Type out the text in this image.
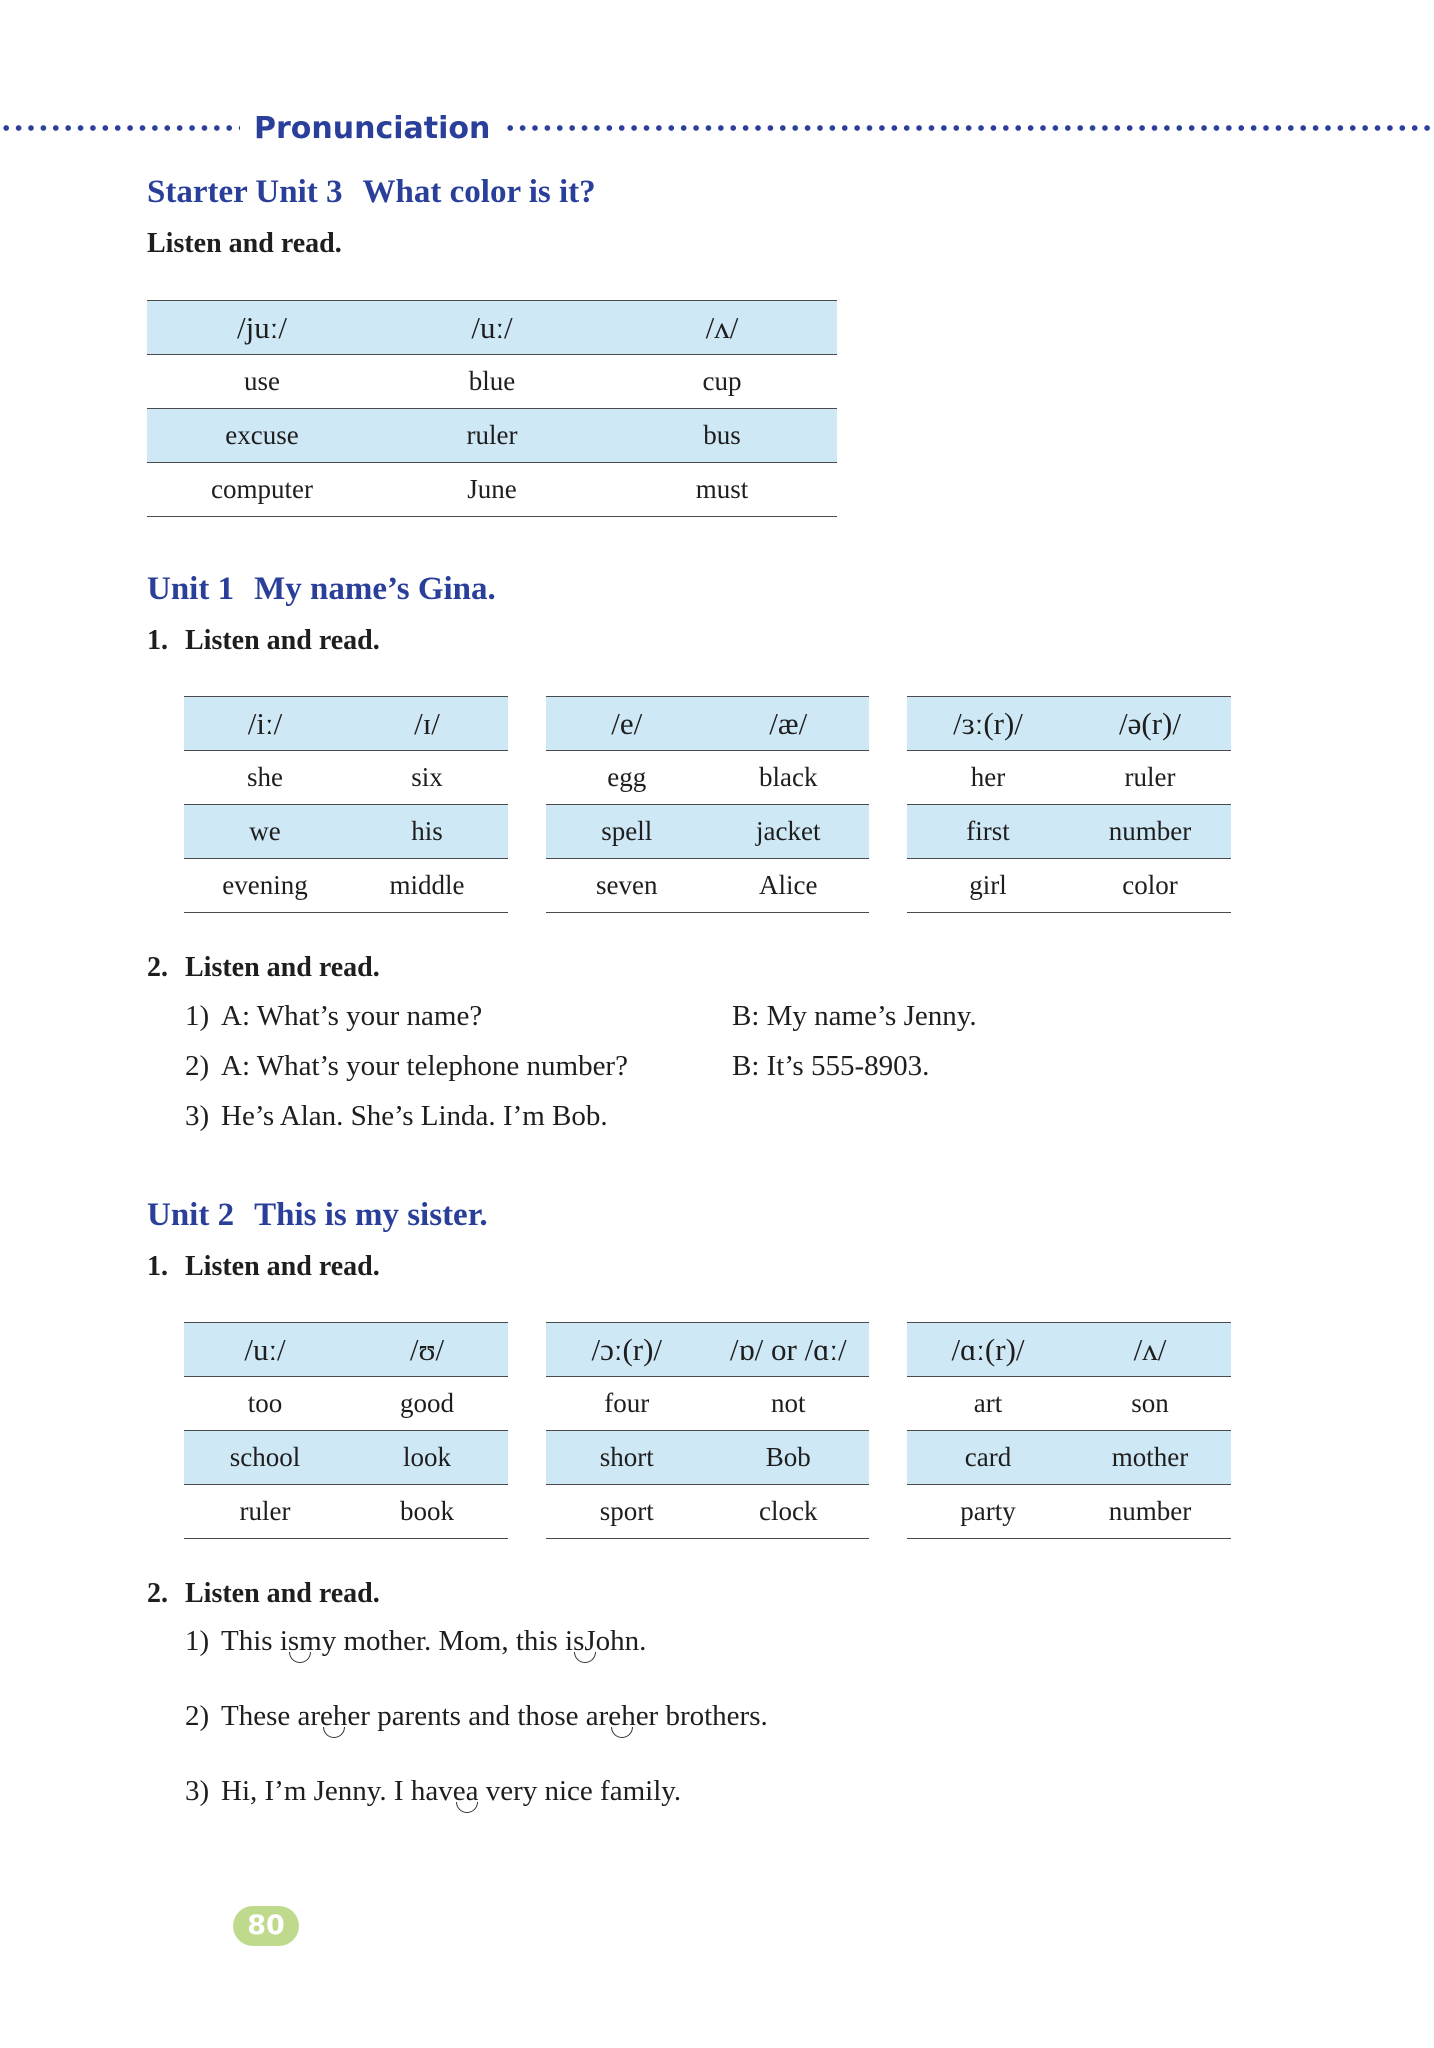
Pronunciation
Starter Unit 3 What color is it?
Listen and read.
/juː/	/uː/	/ʌ/
use	blue	cup
excuse	ruler	bus
computer	June	must
Unit 1 My name’s Gina.
1. Listen and read.
/iː/	/ɪ/
she	six
we	his
evening	middle
/e/	/æ/
egg	black
spell	jacket
seven	Alice
/ɜː(r)/	/ə(r)/
her	ruler
first	number
girl	color
2. Listen and read.
1) A: What’s your name?	B: My name’s Jenny.
2) A: What’s your telephone number?	B: It’s 555-8903.
3) He’s Alan. She’s Linda. I’m Bob.
Unit 2 This is my sister.
1. Listen and read.
/uː/	/ʊ/
too	good
school	look
ruler	book
/ɔː(r)/	/ɒ/ or /ɑː/
four	not
short	Bob
sport	clock
/ɑː(r)/	/ʌ/
art	son
card	mother
party	number
2. Listen and read.
1) This ismy mother. Mom, this isJohn.
2) These areher parents and those areher brothers.
3) Hi, I’m Jenny. I havea very nice family.
80
